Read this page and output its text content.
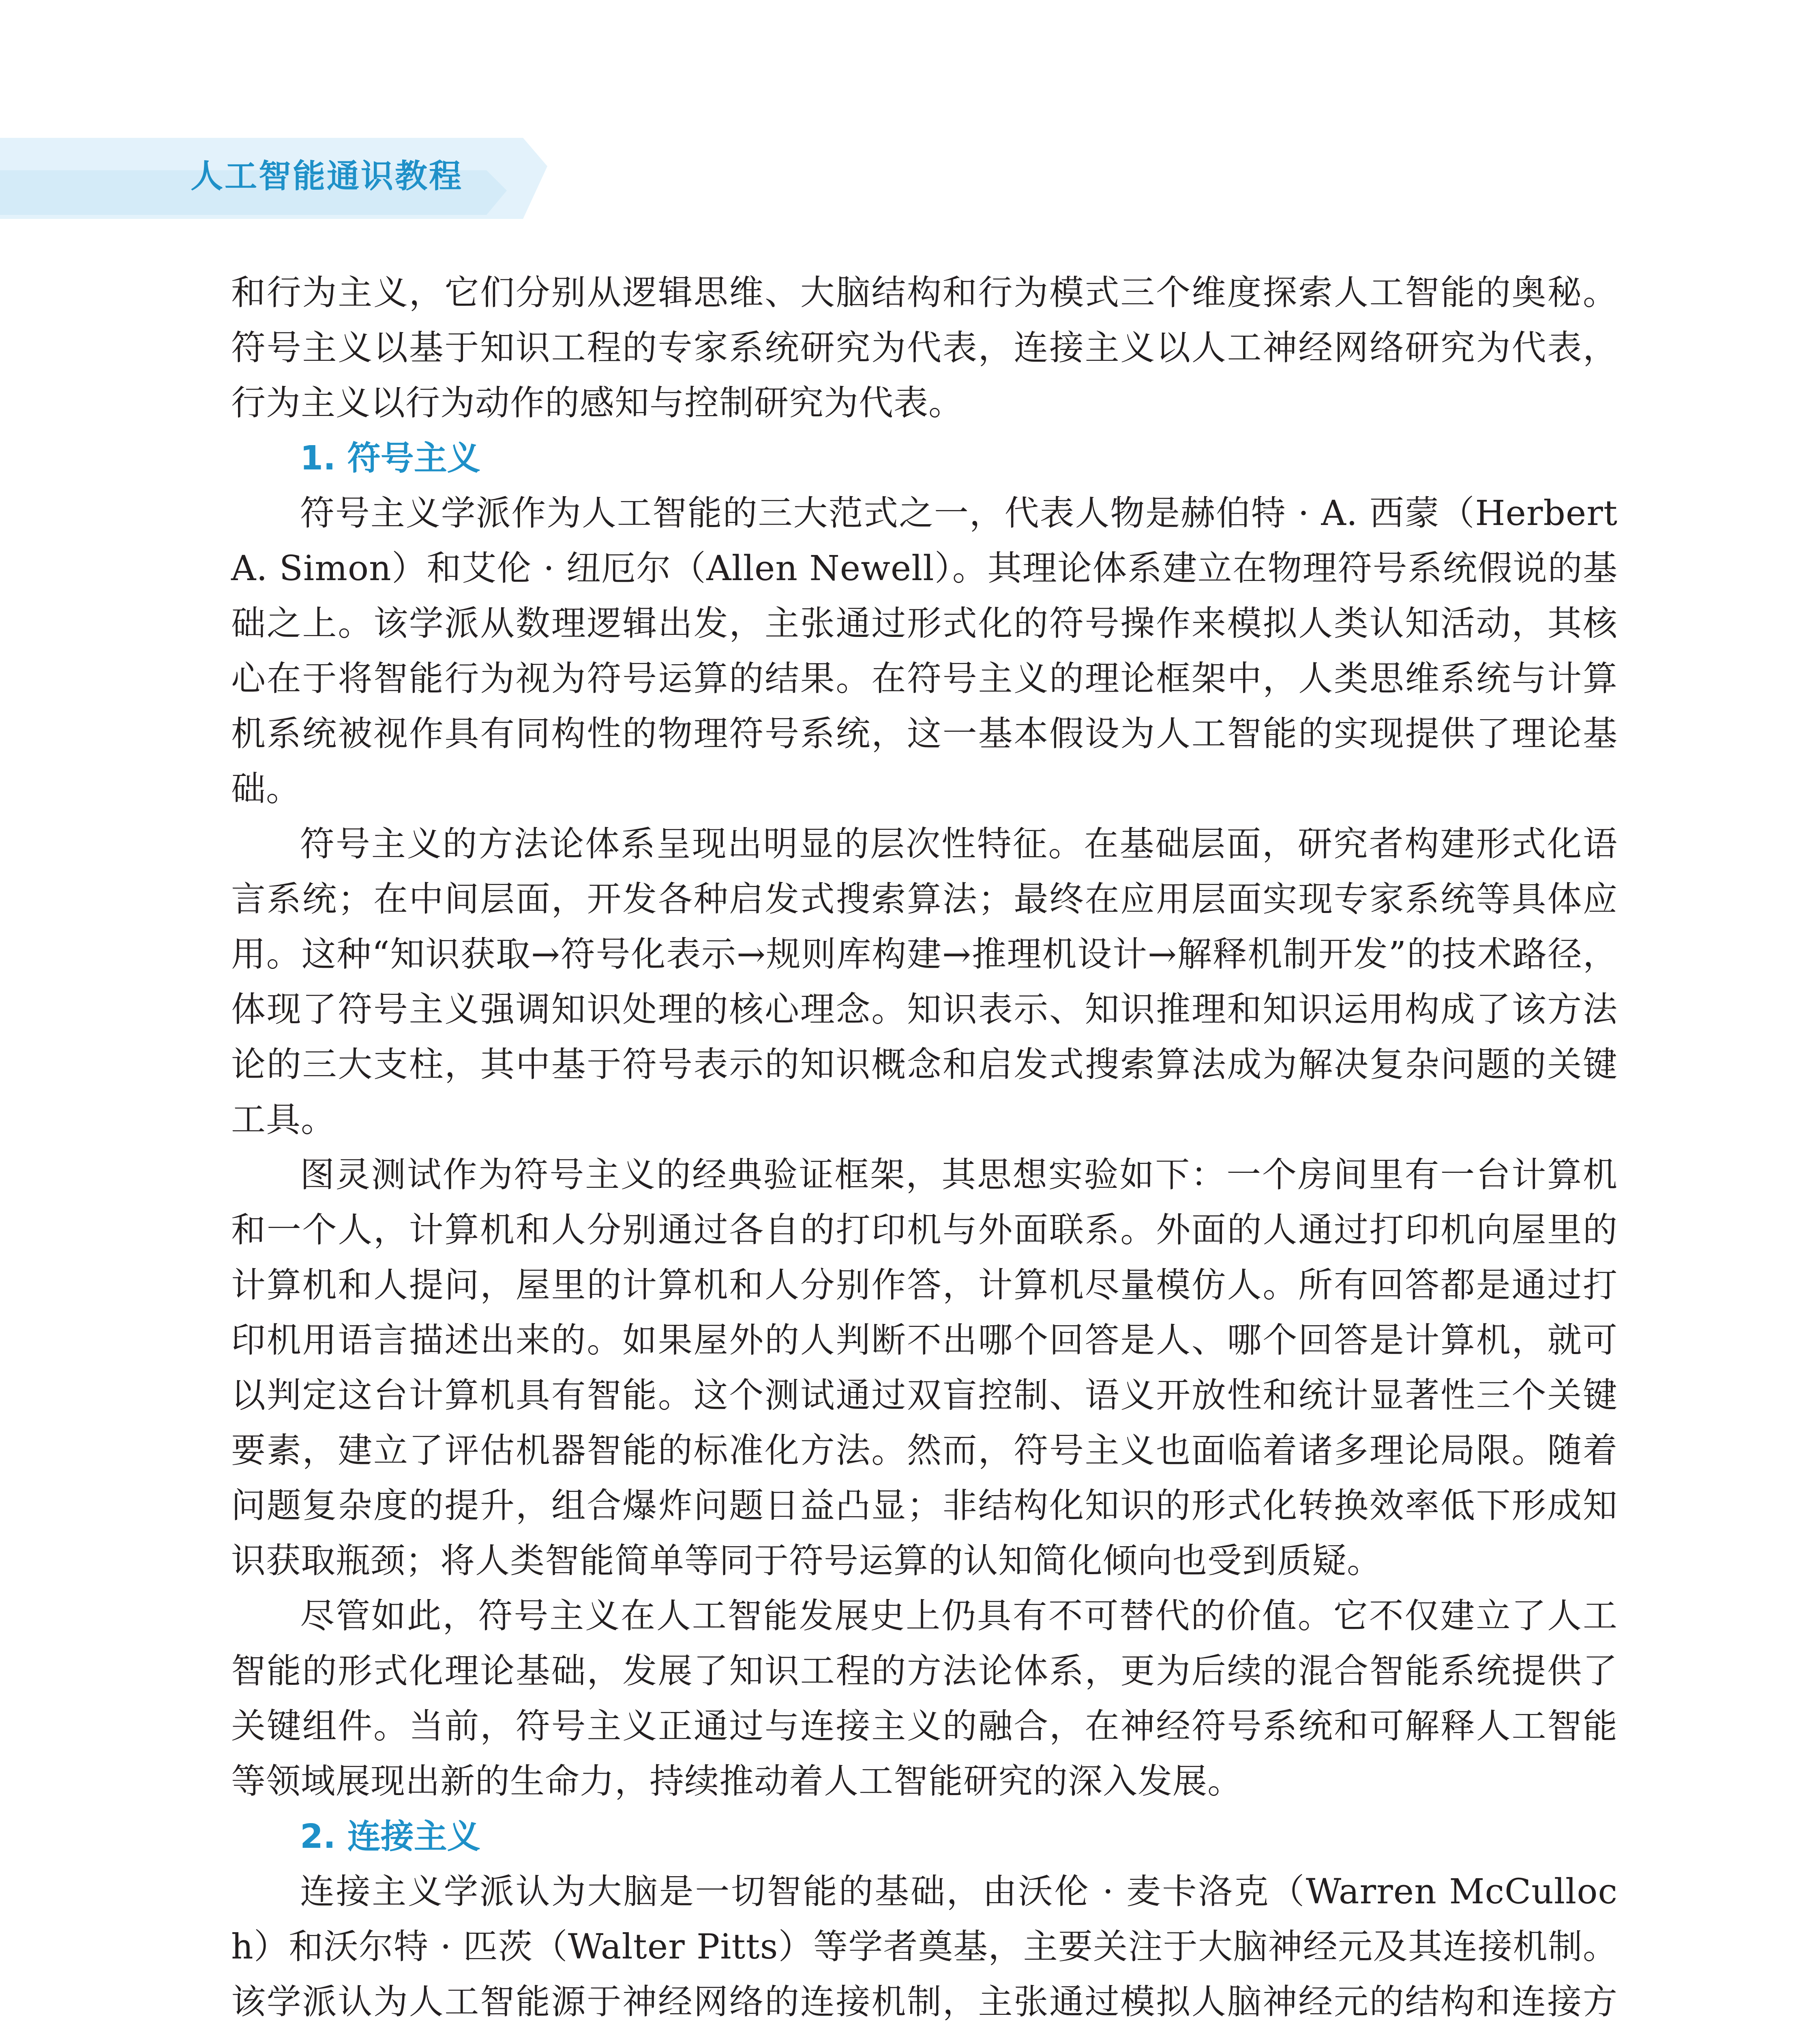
人工智能通识教程

和行为主义，它们分别从逻辑思维、大脑结构和行为模式三个维度探索人工智能的奥秘。符号主义以基于知识工程的专家系统研究为代表，连接主义以人工神经网络研究为代表，行为主义以行为动作的感知与控制研究为代表。

1. 符号主义

符号主义学派作为人工智能的三大范式之一，代表人物是赫伯特 · A. 西蒙（Herbert A. Simon）和艾伦 · 纽厄尔（Allen Newell）。其理论体系建立在物理符号系统假说的基础之上。该学派从数理逻辑出发，主张通过形式化的符号操作来模拟人类认知活动，其核心在于将智能行为视为符号运算的结果。在符号主义的理论框架中，人类思维系统与计算机系统被视作具有同构性的物理符号系统，这一基本假设为人工智能的实现提供了理论基础。

符号主义的方法论体系呈现出明显的层次性特征。在基础层面，研究者构建形式化语言系统；在中间层面，开发各种启发式搜索算法；最终在应用层面实现专家系统等具体应用。这种“知识获取→符号化表示→规则库构建→推理机设计→解释机制开发”的技术路径，体现了符号主义强调知识处理的核心理念。知识表示、知识推理和知识运用构成了该方法论的三大支柱，其中基于符号表示的知识概念和启发式搜索算法成为解决复杂问题的关键工具。

图灵测试作为符号主义的经典验证框架，其思想实验如下：一个房间里有一台计算机和一个人，计算机和人分别通过各自的打印机与外面联系。外面的人通过打印机向屋里的计算机和人提问，屋里的计算机和人分别作答，计算机尽量模仿人。所有回答都是通过打印机用语言描述出来的。如果屋外的人判断不出哪个回答是人、哪个回答是计算机，就可以判定这台计算机具有智能。这个测试通过双盲控制、语义开放性和统计显著性三个关键要素，建立了评估机器智能的标准化方法。然而，符号主义也面临着诸多理论局限。随着问题复杂度的提升，组合爆炸问题日益凸显；非结构化知识的形式化转换效率低下形成知识获取瓶颈；将人类智能简单等同于符号运算的认知简化倾向也受到质疑。

尽管如此，符号主义在人工智能发展史上仍具有不可替代的价值。它不仅建立了人工智能的形式化理论基础，发展了知识工程的方法论体系，更为后续的混合智能系统提供了关键组件。当前，符号主义正通过与连接主义的融合，在神经符号系统和可解释人工智能等领域展现出新的生命力，持续推动着人工智能研究的深入发展。

2. 连接主义

连接主义学派认为大脑是一切智能的基础，由沃伦 · 麦卡洛克（Warren McCulloch）和沃尔特 · 匹茨（Walter Pitts）等学者奠基，主要关注于大脑神经元及其连接机制。该学派认为人工智能源于神经网络的连接机制，主张通过模拟人脑神经元的结构和连接方
